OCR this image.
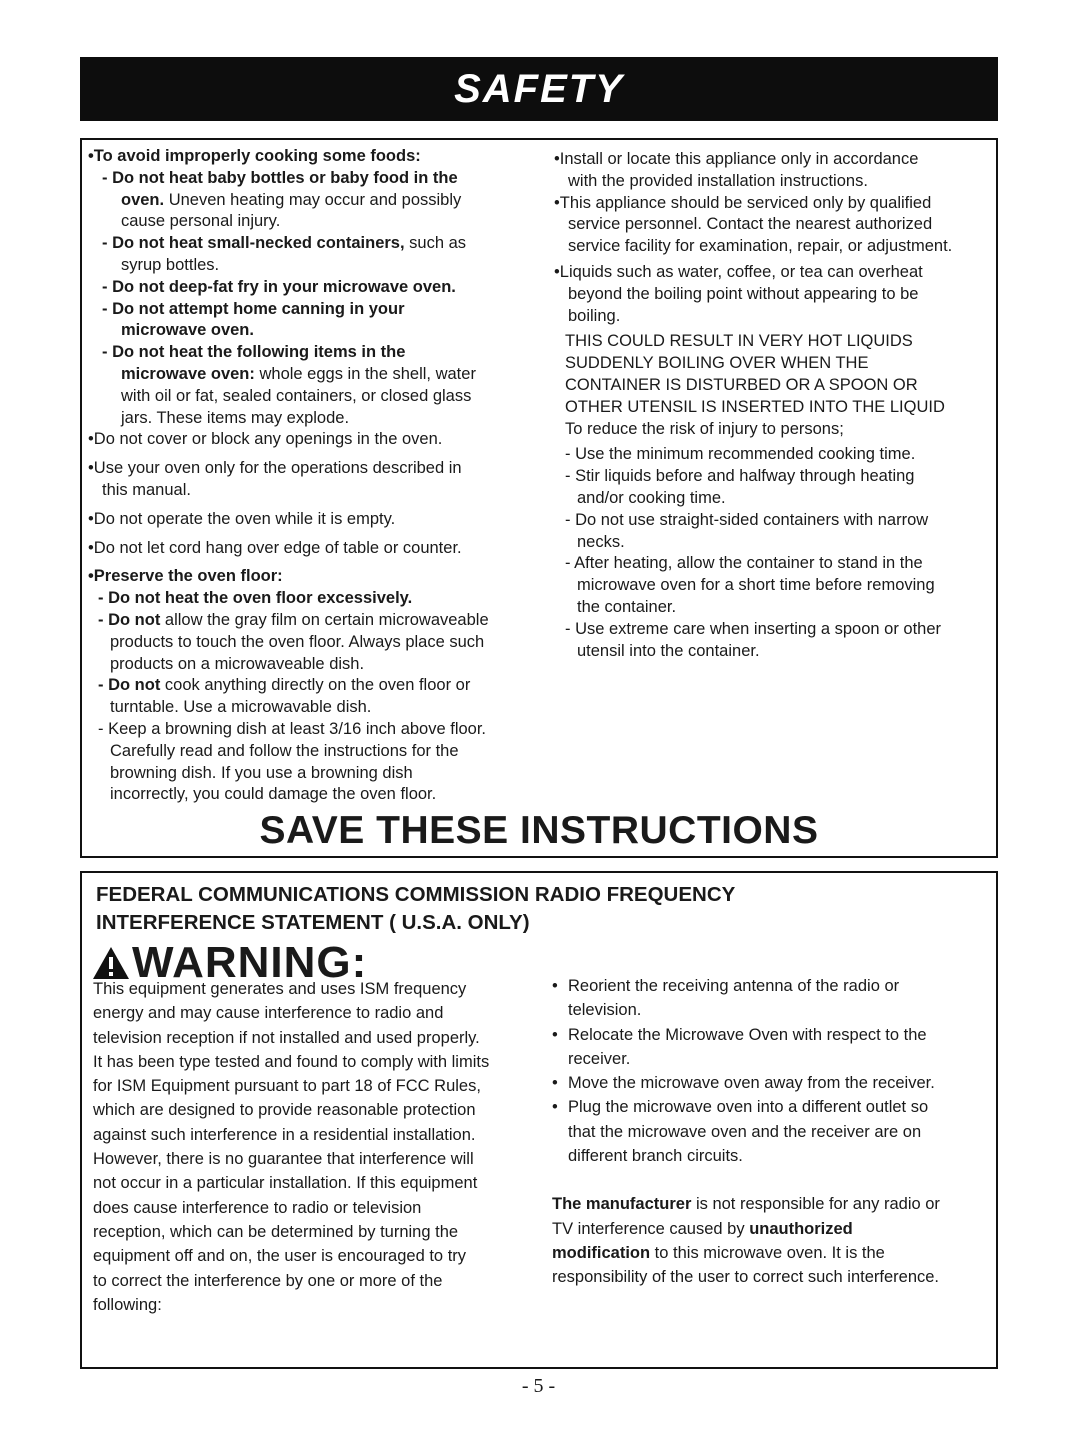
SAFETY

• To avoid improperly cooking some foods:

- Do not heat baby bottles or baby food in the

oven. Uneven heating may occur and possibly

cause personal injury.

- Do not heat small-necked containers, such as

syrup bottles.

- Do not deep-fat fry in your microwave oven.

- Do not attempt home canning in your

microwave oven.

- Do not heat the following items in the

microwave oven: whole eggs in the shell, water

with oil or fat, sealed containers, or closed glass

jars. These items may explode.

• Do not cover or block any openings in the oven.

• Use your oven only for the operations described in

this manual.

• Do not operate the oven while it is empty.

• Do not let cord hang over edge of table or counter.

• Preserve the oven floor:

- Do not heat the oven floor excessively.

- Do not allow the gray film on certain microwaveable

products to touch the oven floor. Always place such

products on a microwaveable dish.

- Do not cook anything directly on the oven floor or

turntable. Use a microwavable dish.

- Keep a browning dish at least 3/16 inch above floor.

Carefully read and follow the instructions for the

browning dish. If you use a browning dish

incorrectly, you could damage the oven floor.

• Install or locate this appliance only in accordance

with the provided installation instructions.

• This appliance should be serviced only by qualified

service personnel. Contact the nearest authorized

service facility for examination, repair, or adjustment.

• Liquids such as water, coffee, or tea can overheat

beyond the boiling point without appearing to be

boiling.

THIS COULD RESULT IN VERY HOT LIQUIDS

SUDDENLY BOILING OVER WHEN THE

CONTAINER IS DISTURBED OR A SPOON OR

OTHER UTENSIL IS INSERTED INTO THE LIQUID

To reduce the risk of injury to persons;

- Use the minimum recommended cooking time.

- Stir liquids before and halfway through heating

and/or cooking time.

- Do not use straight-sided containers with narrow

necks.

- After heating, allow the container to stand in the

microwave oven for a short time before removing

the container.

- Use extreme care when inserting a spoon or other

utensil into the container.

SAVE THESE INSTRUCTIONS
FEDERAL COMMUNICATIONS COMMISSION RADIO FREQUENCY
INTERFERENCE STATEMENT ( U.S.A. ONLY)
WARNING:

This equipment generates and uses ISM frequency

energy and may cause interference to radio and

television reception if not installed and used properly.

It has been type tested and found to comply with limits

for ISM Equipment pursuant to part 18 of FCC Rules,

which are designed to provide reasonable protection

against such interference in a residential installation.

However, there is no guarantee that interference will

not occur in a particular installation. If this equipment

does cause interference to radio or television

reception, which can be determined by turning the

equipment off and on, the user is encouraged to try

to correct the interference by one or more of the

following:

• Reorient the receiving antenna of the radio or

television.

• Relocate the Microwave Oven with respect to the

receiver.

• Move the microwave oven away from the receiver.

• Plug the microwave oven into a different outlet so

that the microwave oven and the receiver are on

different branch circuits.

The manufacturer is not responsible for any radio or

TV interference caused by unauthorized

modification to this microwave oven. It is the

responsibility of the user to correct such interference.

- 5 -
